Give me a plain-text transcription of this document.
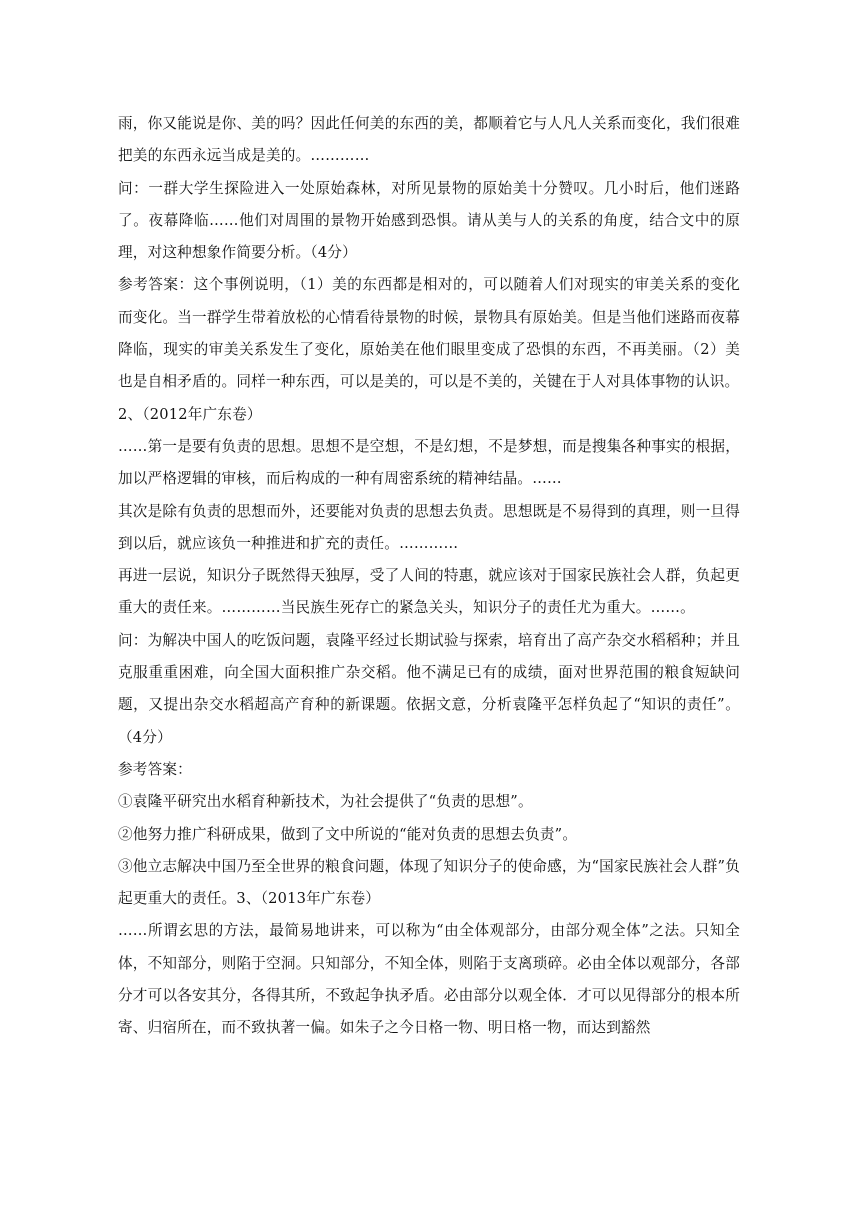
雨，你又能说是你、美的吗？因此任何美的东西的美，都顺着它与人凡人关系而变化，我们很难把美的东西永远当成是美的。…………

问：一群大学生探险进入一处原始森林，对所见景物的原始美十分赞叹。几小时后，他们迷路了。夜幕降临……他们对周围的景物开始感到恐惧。请从美与人的关系的角度，结合文中的原理，对这种想象作简要分析。（4分）

参考答案：这个事例说明，（1）美的东西都是相对的，可以随着人们对现实的审美关系的变化而变化。当一群学生带着放松的心情看待景物的时候，景物具有原始美。但是当他们迷路而夜幕降临，现实的审美关系发生了变化，原始美在他们眼里变成了恐惧的东西，不再美丽。（2）美也是自相矛盾的。同样一种东西，可以是美的，可以是不美的，关键在于人对具体事物的认识。

2、（2012年广东卷）

……第一是要有负责的思想。思想不是空想，不是幻想，不是梦想，而是搜集各种事实的根据，加以严格逻辑的审核，而后构成的一种有周密系统的精神结晶。……

其次是除有负责的思想而外，还要能对负责的思想去负责。思想既是不易得到的真理，则一旦得到以后，就应该负一种推进和扩充的责任。…………

再进一层说，知识分子既然得天独厚，受了人间的特惠，就应该对于国家民族社会人群，负起更重大的责任来。…………当民族生死存亡的紧急关头，知识分子的责任尤为重大。……。

问：为解决中国人的吃饭问题，袁隆平经过长期试验与探索，培育出了高产杂交水稻稻种；并且克服重重困难，向全国大面积推广杂交稻。他不满足已有的成绩，面对世界范围的粮食短缺问题，又提出杂交水稻超高产育种的新课题。依据文意，分析袁隆平怎样负起了“知识的责任”。（4分）

参考答案：

①袁隆平研究出水稻育种新技术，为社会提供了“负责的思想”。

②他努力推广科研成果，做到了文中所说的“能对负责的思想去负责”。

③他立志解决中国乃至全世界的粮食问题，体现了知识分子的使命感，为“国家民族社会人群”负起更重大的责任。3、（2013年广东卷）

……所谓玄思的方法，最简易地讲来，可以称为“由全体观部分，由部分观全体”之法。只知全体，不知部分，则陷于空洞。只知部分，不知全体，则陷于支离琐碎。必由全体以观部分，各部分才可以各安其分，各得其所，不致起争执矛盾。必由部分以观全体．才可以见得部分的根本所寄、归宿所在，而不致执著一偏。如朱子之今日格一物、明日格一物，而达到豁然
